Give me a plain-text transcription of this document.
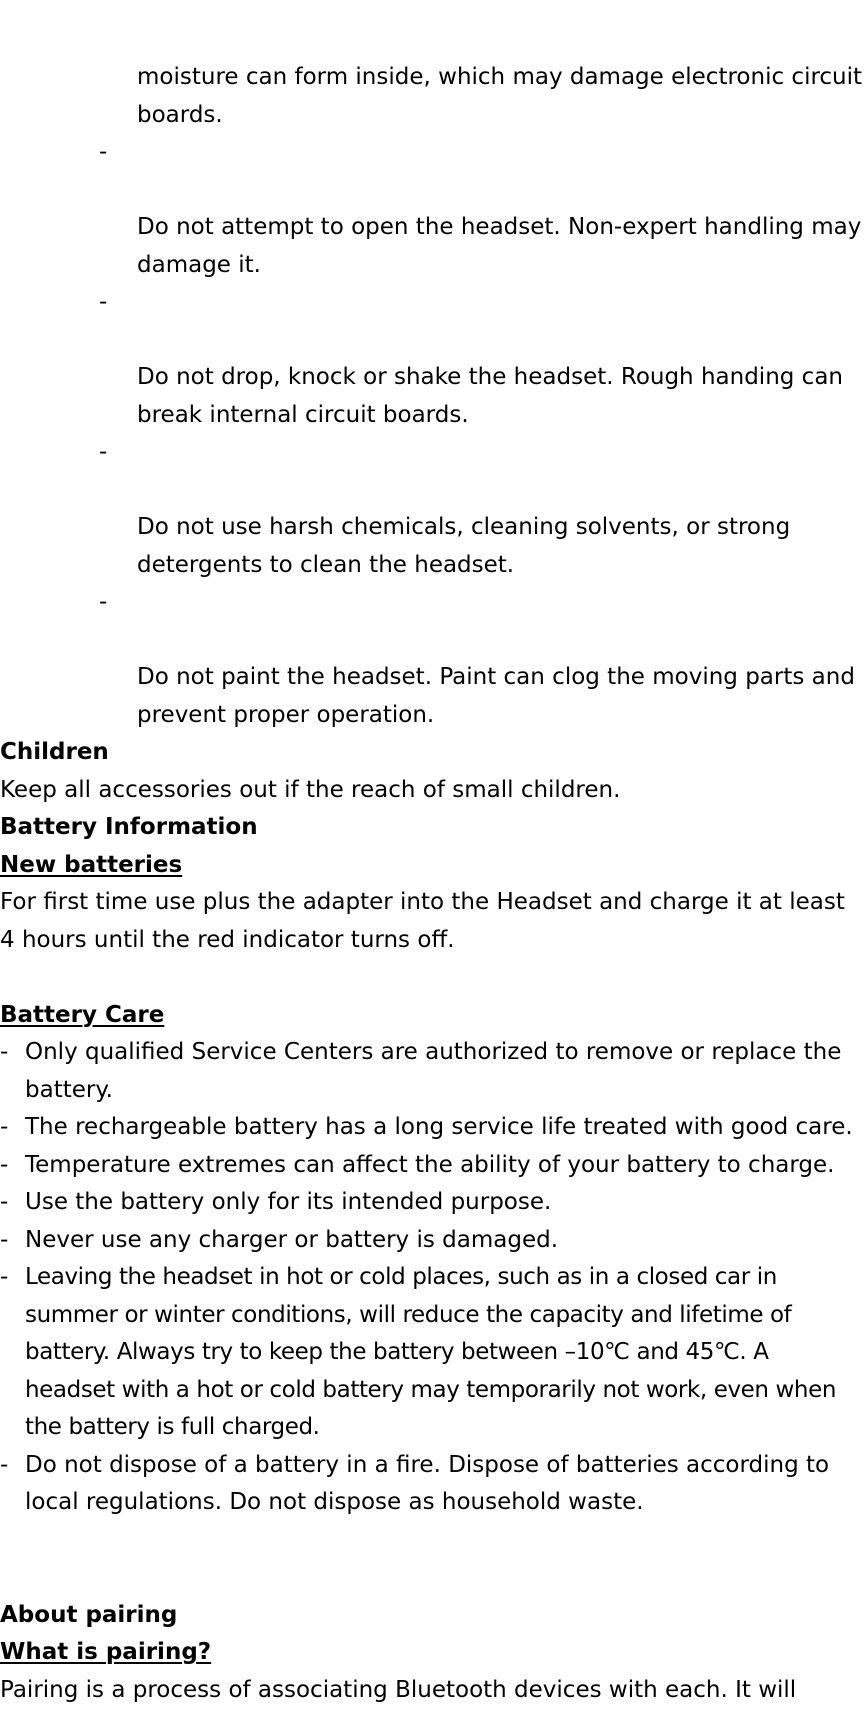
moisture can form inside, which may damage electronic circuit boards.

-

Do not attempt to open the headset. Non-expert handling may damage it.

-

Do not drop, knock or shake the headset. Rough handing can break internal circuit boards.

-

Do not use harsh chemicals, cleaning solvents, or strong detergents to clean the headset.

-

Do not paint the headset. Paint can clog the moving parts and prevent proper operation.

Children

Keep all accessories out if the reach of small children.

Battery Information

New batteries

For first time use plus the adapter into the Headset and charge it at least 4 hours until the red indicator turns off.

Battery Care

- Only qualified Service Centers are authorized to remove or replace the battery.
- The rechargeable battery has a long service life treated with good care.
- Temperature extremes can affect the ability of your battery to charge.
- Use the battery only for its intended purpose.
- Never use any charger or battery is damaged.
- Leaving the headset in hot or cold places, such as in a closed car in summer or winter conditions, will reduce the capacity and lifetime of battery. Always try to keep the battery between –10℃ and 45℃. A headset with a hot or cold battery may temporarily not work, even when the battery is full charged.
- Do not dispose of a battery in a fire. Dispose of batteries according to local regulations. Do not dispose as household waste.

About pairing

What is pairing?

Pairing is a process of associating Bluetooth devices with each. It will
